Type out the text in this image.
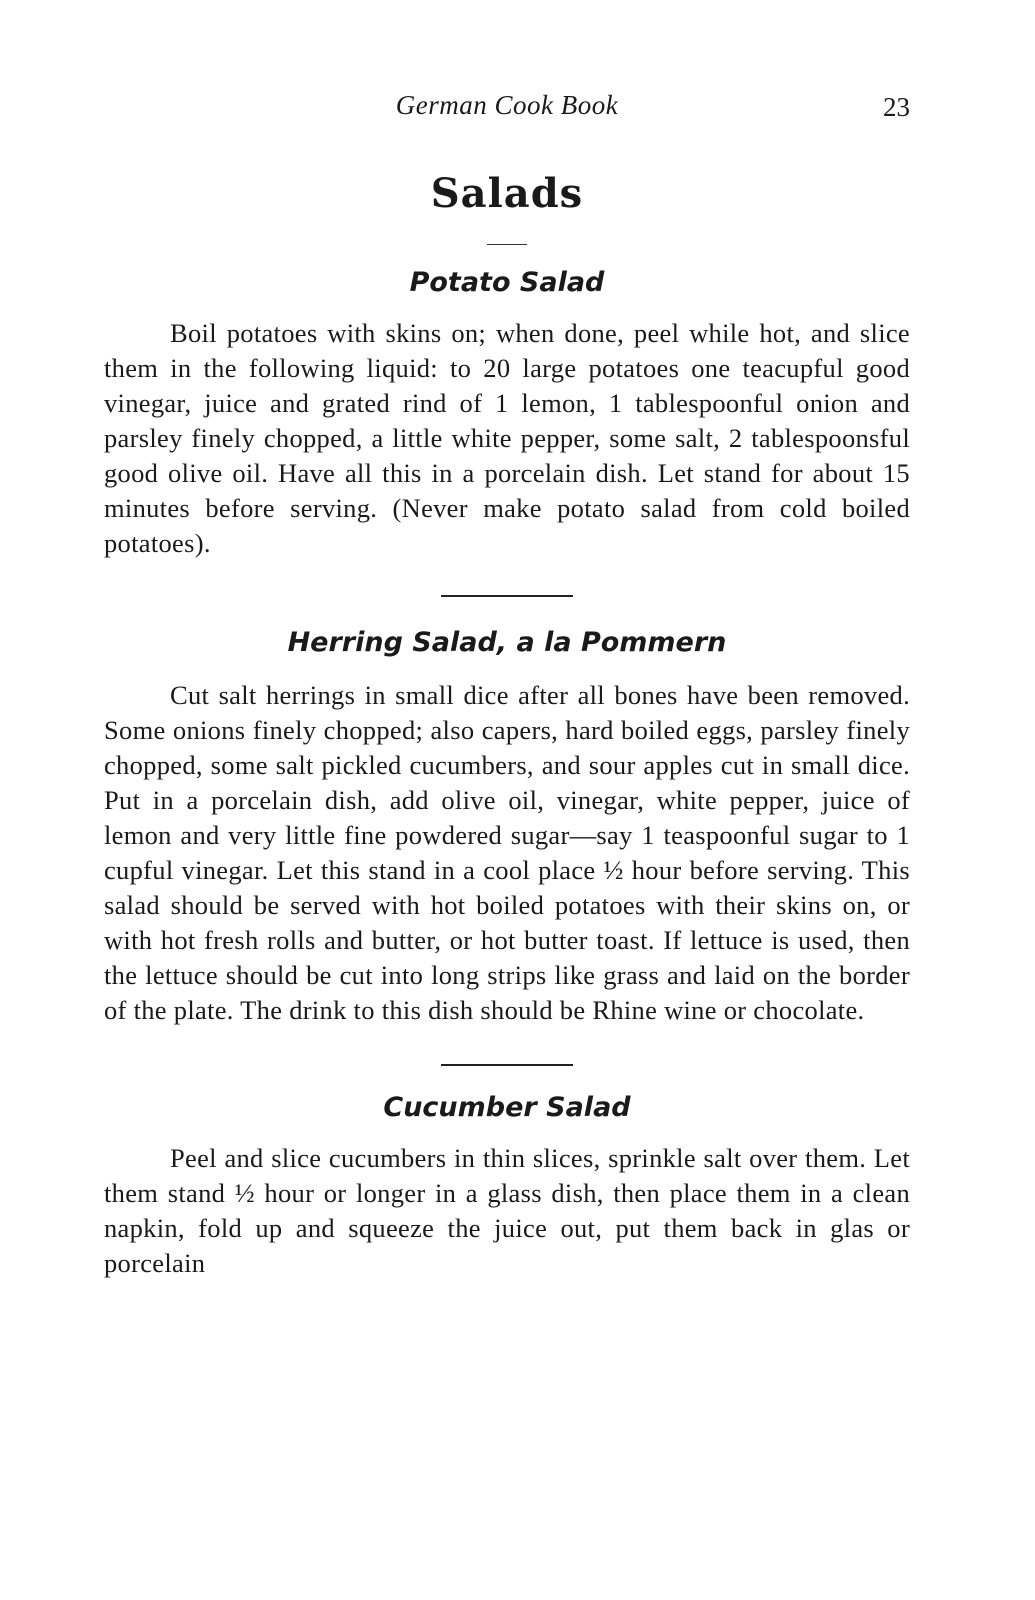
German Cook Book	23
Salads
Potato Salad

Boil potatoes with skins on; when done, peel while hot, and slice them in the following liquid: to 20 large potatoes one teacupful good vinegar, juice and grated rind of 1 lemon, 1 tablespoonful onion and parsley finely chopped, a little white pepper, some salt, 2 tablespoonsful good olive oil. Have all this in a porcelain dish. Let stand for about 15 minutes before serving. (Never make potato salad from cold boiled potatoes).

Herring Salad, a la Pommern

Cut salt herrings in small dice after all bones have been removed. Some onions finely chopped; also capers, hard boiled eggs, parsley finely chopped, some salt pickled cucumbers, and sour apples cut in small dice. Put in a porcelain dish, add olive oil, vinegar, white pepper, juice of lemon and very little fine powdered sugar—say 1 teaspoonful sugar to 1 cupful vinegar. Let this stand in a cool place ½ hour before serving. This salad should be served with hot boiled potatoes with their skins on, or with hot fresh rolls and butter, or hot butter toast. If lettuce is used, then the lettuce should be cut into long strips like grass and laid on the border of the plate. The drink to this dish should be Rhine wine or chocolate.

Cucumber Salad

Peel and slice cucumbers in thin slices, sprinkle salt over them. Let them stand ½ hour or longer in a glass dish, then place them in a clean napkin, fold up and squeeze the juice out, put them back in glas or porcelain
